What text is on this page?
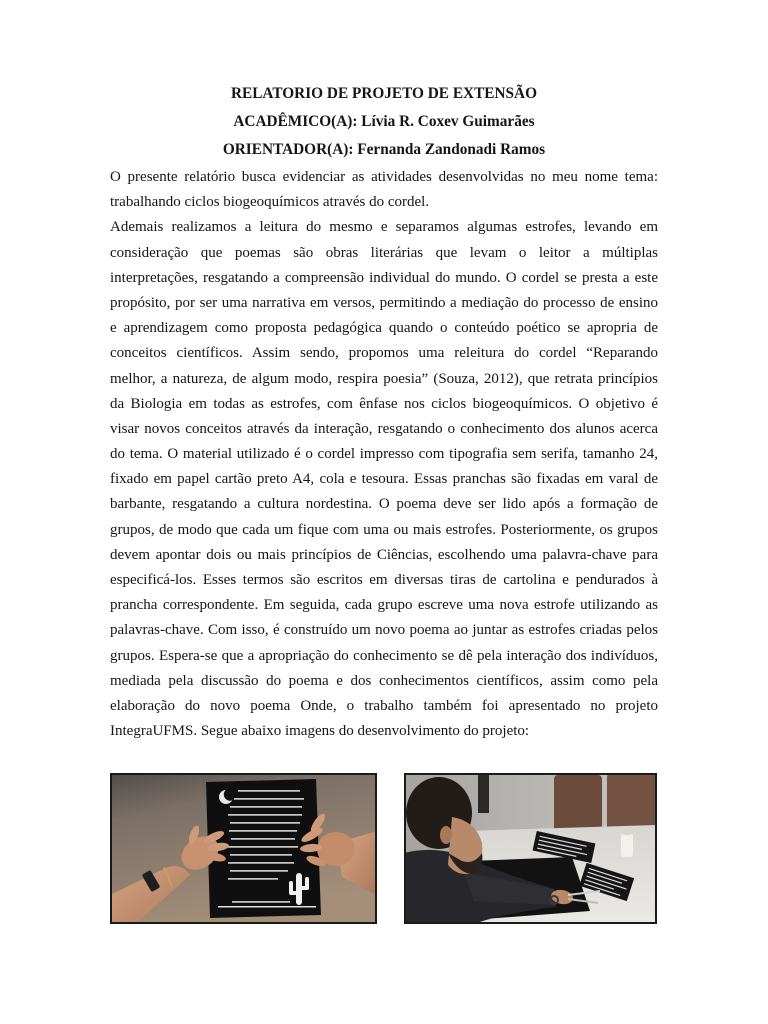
RELATORIO DE PROJETO DE EXTENSÃO
ACADÊMICO(A): Lívia R. Coxev Guimarães
ORIENTADOR(A): Fernanda Zandonadi Ramos
O presente relatório busca evidenciar as atividades desenvolvidas no meu nome tema:
trabalhando ciclos biogeoquímicos através do cordel.
Ademais realizamos a leitura do mesmo e separamos algumas estrofes, levando em
consideração que poemas são obras literárias que levam o leitor a múltiplas
interpretações, resgatando a compreensão individual do mundo. O cordel se presta a este
propósito, por ser uma narrativa em versos, permitindo a mediação do processo de ensino
e aprendizagem como proposta pedagógica quando o conteúdo poético se apropria de
conceitos científicos. Assim sendo, propomos uma releitura do cordel “Reparando
melhor, a natureza, de algum modo, respira poesia” (Souza, 2012), que retrata princípios
da Biologia em todas as estrofes, com ênfase nos ciclos biogeoquímicos. O objetivo é
visar novos conceitos através da interação, resgatando o conhecimento dos alunos acerca
do tema. O material utilizado é o cordel impresso com tipografia sem serifa, tamanho 24,
fixado em papel cartão preto A4, cola e tesoura. Essas pranchas são fixadas em varal de
barbante, resgatando a cultura nordestina. O poema deve ser lido após a formação de
grupos, de modo que cada um fique com uma ou mais estrofes. Posteriormente, os grupos
devem apontar dois ou mais princípios de Ciências, escolhendo uma palavra-chave para
especificá-los. Esses termos são escritos em diversas tiras de cartolina e pendurados à
prancha correspondente. Em seguida, cada grupo escreve uma nova estrofe utilizando as
palavras-chave. Com isso, é construído um novo poema ao juntar as estrofes criadas pelos
grupos. Espera-se que a apropriação do conhecimento se dê pela interação dos indivíduos,
mediada pela discussão do poema e dos conhecimentos científicos, assim como pela
elaboração do novo poema Onde, o trabalho também foi apresentado no projeto
IntegraUFMS. Segue abaixo imagens do desenvolvimento do projeto:
